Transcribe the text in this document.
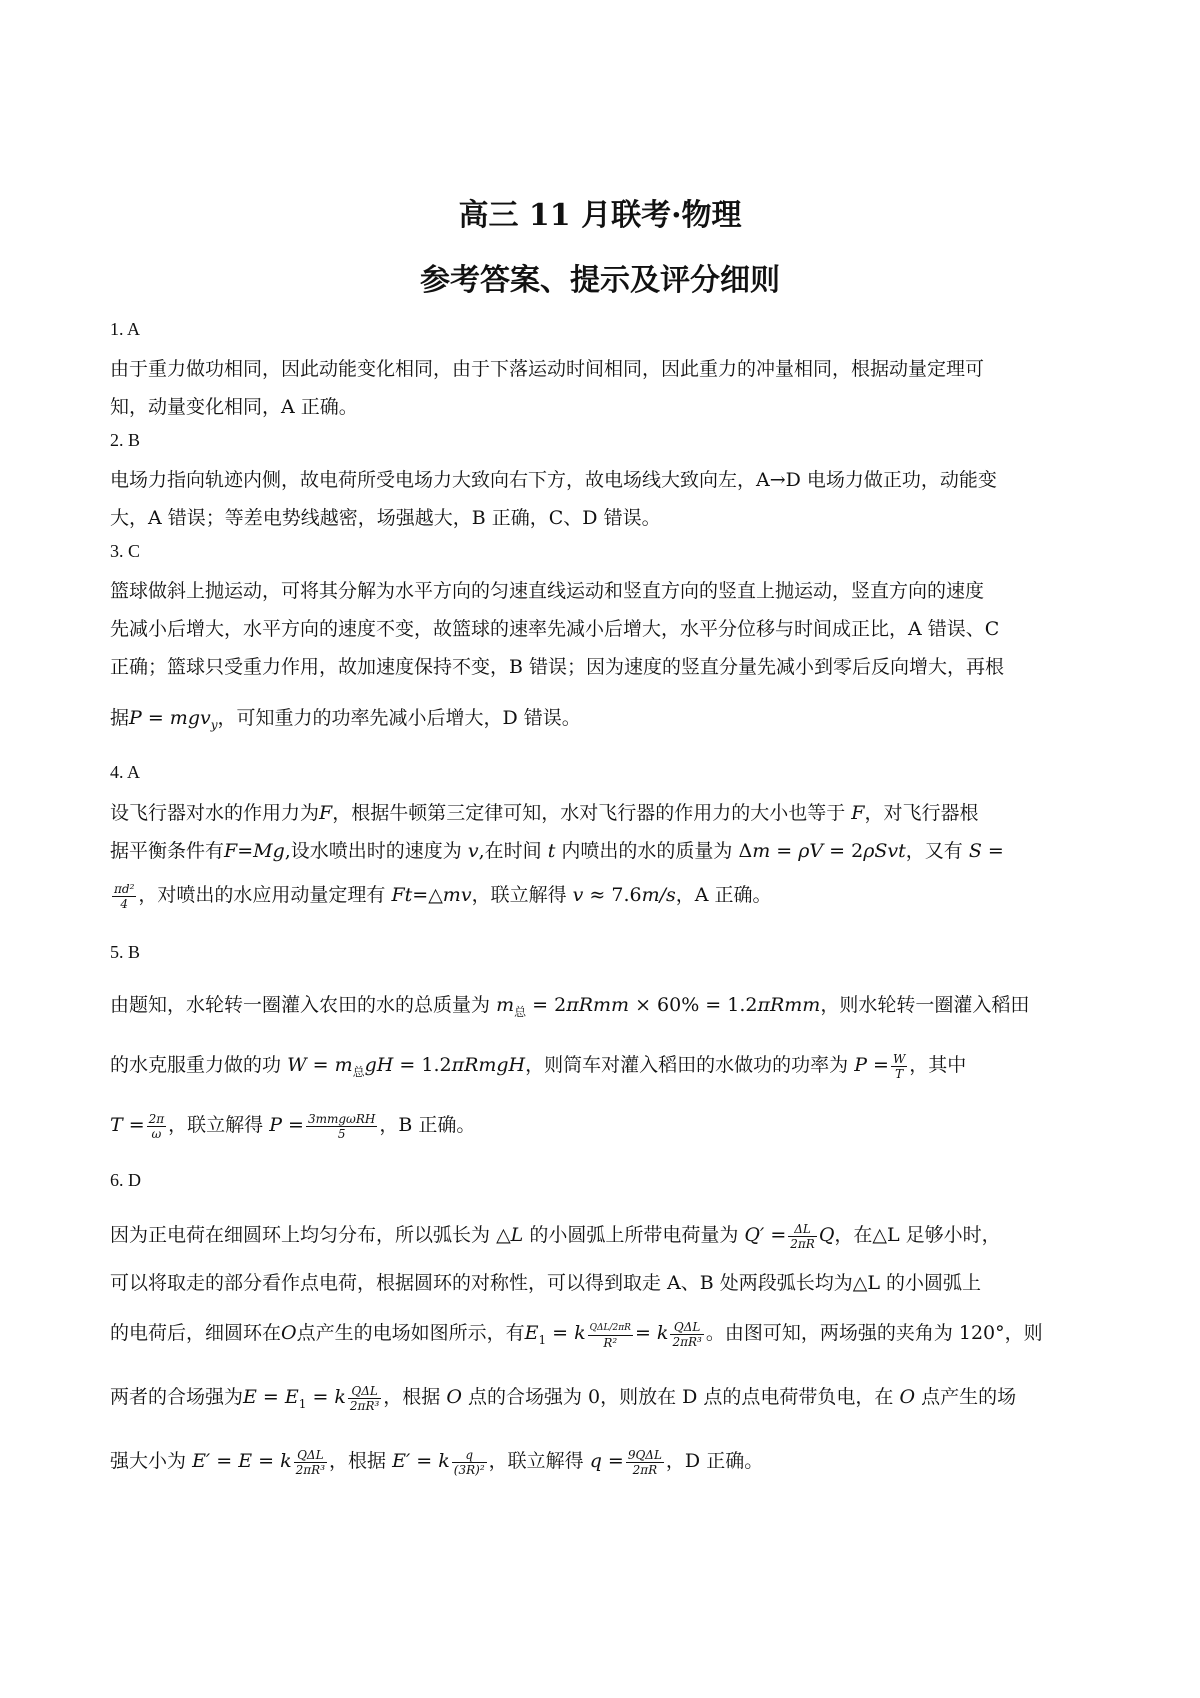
高三 11 月联考·物理
参考答案、提示及评分细则
1. A
由于重力做功相同，因此动能变化相同，由于下落运动时间相同，因此重力的冲量相同，根据动量定理可
知，动量变化相同，A 正确。
2. B
电场力指向轨迹内侧，故电荷所受电场力大致向右下方，故电场线大致向左，A→D 电场力做正功，动能变
大，A 错误；等差电势线越密，场强越大，B 正确，C、D 错误。
3. C
篮球做斜上抛运动，可将其分解为水平方向的匀速直线运动和竖直方向的竖直上抛运动，竖直方向的速度
先减小后增大，水平方向的速度不变，故篮球的速率先减小后增大，水平分位移与时间成正比，A 错误、C
正确；篮球只受重力作用，故加速度保持不变，B 错误；因为速度的竖直分量先减小到零后反向增大，再根
据P = mgv$_y$，可知重力的功率先减小后增大，D 错误。
4. A
设飞行器对水的作用力为F，根据牛顿第三定律可知，水对飞行器的作用力的大小也等于 F，对飞行器根
据平衡条件有F=Mg,设水喷出时的速度为 v,在时间 t 内喷出的水的质量为 Δm = ρV = 2ρSvt，又有 S =
$\frac{\text{πd²}}{4}$ ，对喷出的水应用动量定理有 Ft=△mv，联立解得 v ≈ 7.6m/s，A 正确。
5. B
由题知，水轮转一圈灌入农田的水的总质量为 $m_总 = 2\pi Rmm \times 60\% = 1.2\pi Rmm$，则水轮转一圈灌入稻田
的水克服重力做的功 $W = m_总gH$ = 1.2πRmgH，则筒车对灌入稻田的水做功的功率为 $P = \frac{W}{T}$ ，其中
$T = \frac{2\pi}{\omega}$ ，联立解得 $P = \frac{\text{3mmgωRH}}{5}$ ，B 正确。
6. D
因为正电荷在细圆环上均匀分布，所以弧长为 △L 的小圆弧上所带电荷量为 $Q' = \frac{\Delta L}{2\pi R}$ Q，在△L 足够小时，
可以将取走的部分看作点电荷，根据圆环的对称性，可以得到取走 A、B 处两段弧长均为△L 的小圆弧上
的电荷后，细圆环在O点产生的电场如图所示，有$E_1 = k \frac{\text{QΔL/2πR}}{\text{R²}} = k \frac{\text{QΔL}}{\text{2πR³}}$ 。由图可知，两场强的夹角为 120°，则
两者的合场强为$E = E_1 = k \frac{\text{QΔL}}{\text{2πR³}}$ ，根据 O 点的合场强为 0，则放在 D 点的点电荷带负电，在 O 点产生的场
强大小为 E′ = E = k $\frac{\text{QΔL}}{\text{2πR³}}$ ，根据 E′ = k $\frac{q}{\text{(3R)²}}$ ，联立解得 $q = \frac{\text{9QΔL}}{2\pi R}$ ，D 正确。
